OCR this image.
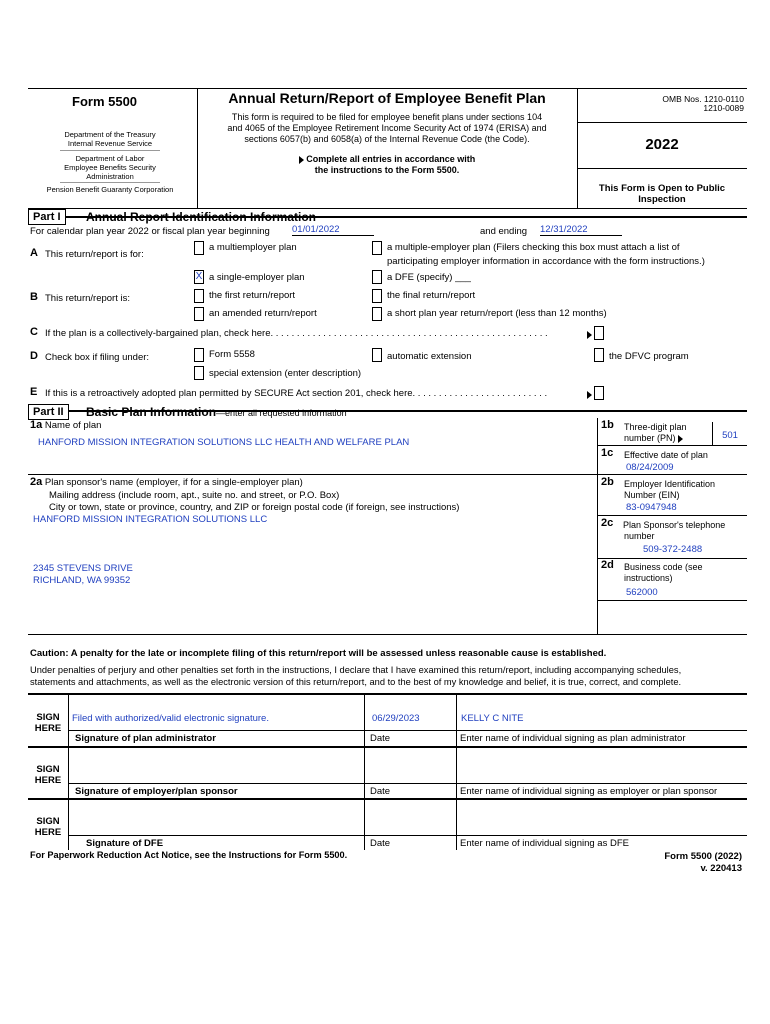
Form 5500
Department of the Treasury
Internal Revenue Service
Department of Labor
Employee Benefits Security
Administration
Pension Benefit Guaranty Corporation
Annual Return/Report of Employee Benefit Plan
This form is required to be filed for employee benefit plans under sections 104
and 4065 of the Employee Retirement Income Security Act of 1974 (ERISA) and
sections 6057(b) and 6058(a) of the Internal Revenue Code (the Code).
Complete all entries in accordance with
the instructions to the Form 5500.
OMB Nos. 1210-0110
1210-0089
2022
This Form is Open to Public
Inspection
Part I	Annual Report Identification Information
For calendar plan year 2022 or fiscal plan year beginning 01/01/2022	and ending 12/31/2022
A This return/report is for:
a multiemployer plan	a multiple-employer plan (Filers checking this box must attach a list of
participating employer information in accordance with the form instructions.)
X a single-employer plan	a DFE (specify) ___
B This return/report is:	the first return/report	the final return/report
an amended return/report	a short plan year return/report (less than 12 months)
C If the plan is a collectively-bargained plan, check here. . . . . . . . . . . . . . . . . . . . . . . . . . . . . . . . . . . . . . . . . . . . . . . . . . . . .
D Check box if filing under:	Form 5558	automatic extension	the DFVC program
special extension (enter description)
E If this is a retroactively adopted plan permitted by SECURE Act section 201, check here. . . . . . . . . . . . . . . . . . . . . . . . . .
Part II	Basic Plan Information—enter all requested information
1a Name of plan
HANFORD MISSION INTEGRATION SOLUTIONS LLC HEALTH AND WELFARE PLAN
1b Three-digit plan
number (PN)	501
1c Effective date of plan
08/24/2009
2a Plan sponsor's name (employer, if for a single-employer plan)
Mailing address (include room, apt., suite no. and street, or P.O. Box)
City or town, state or province, country, and ZIP or foreign postal code (if foreign, see instructions)
HANFORD MISSION INTEGRATION SOLUTIONS LLC
2345 STEVENS DRIVE
RICHLAND, WA 99352
2b Employer Identification
Number (EIN)
83-0947948
2c Plan Sponsor's telephone
number
509-372-2488
2d Business code (see
instructions)
562000
Caution: A penalty for the late or incomplete filing of this return/report will be assessed unless reasonable cause is established.
Under penalties of perjury and other penalties set forth in the instructions, I declare that I have examined this return/report, including accompanying schedules,
statements and attachments, as well as the electronic version of this return/report, and to the best of my knowledge and belief, it is true, correct, and complete.
SIGN
HERE
Filed with authorized/valid electronic signature.	06/29/2023	KELLY C NITE
Signature of plan administrator	Date	Enter name of individual signing as plan administrator
SIGN
HERE
Signature of employer/plan sponsor	Date	Enter name of individual signing as employer or plan sponsor
SIGN
HERE
Signature of DFE	Date	Enter name of individual signing as DFE
For Paperwork Reduction Act Notice, see the Instructions for Form 5500.	Form 5500 (2022)
v. 220413
